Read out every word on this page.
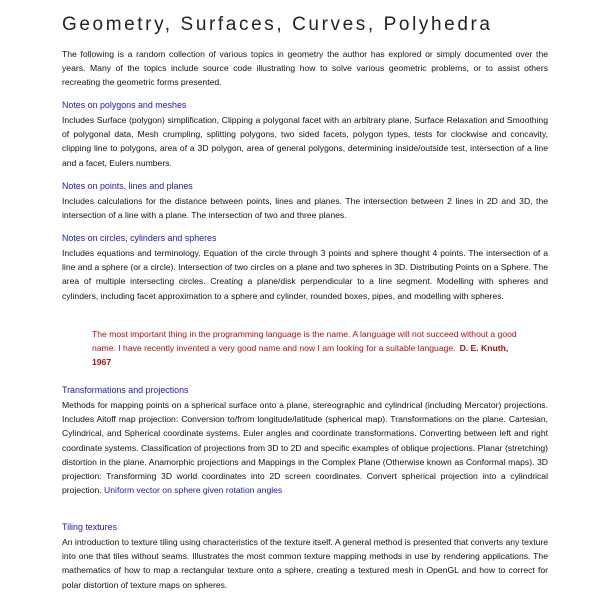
Geometry, Surfaces, Curves, Polyhedra

The following is a random collection of various topics in geometry the author has explored or simply documented over the years. Many of the topics include source code illustrating how to solve various geometric problems, or to assist others recreating the geometric forms presented.

Notes on polygons and meshes

Includes Surface (polygon) simplification, Clipping a polygonal facet with an arbitrary plane, Surface Relaxation and Smoothing of polygonal data, Mesh crumpling, splitting polygons, two sided facets, polygon types, tests for clockwise and concavity, clipping line to polygons, area of a 3D polygon, area of general polygons, determining inside/outside test, intersection of a line and a facet, Eulers numbers.

Notes on points, lines and planes

Includes calculations for the distance between points, lines and planes. The intersection between 2 lines in 2D and 3D, the intersection of a line with a plane. The intersection of two and three planes.

Notes on circles, cylinders and spheres

Includes equations and terminology. Equation of the circle through 3 points and sphere thought 4 points. The intersection of a line and a sphere (or a circle). Intersection of two circles on a plane and two spheres in 3D. Distributing Points on a Sphere. The area of multiple intersecting circles. Creating a plane/disk perpendicular to a line segment. Modelling with spheres and cylinders, including facet approximation to a sphere and cylinder, rounded boxes, pipes, and modelling with spheres.

The most important thing in the programming language is the name. A language will not succeed without a good name. I have recently invented a very good name and now I am looking for a suitable language. D. E. Knuth, 1967
Transformations and projections

Methods for mapping points on a spherical surface onto a plane, stereographic and cylindrical (including Mercator) projections. Includes Aitoff map projection: Conversion to/from longitude/latitude (spherical map). Transformations on the plane. Cartesian, Cylindrical, and Spherical coordinate systems. Euler angles and coordinate transformations. Converting between left and right coordinate systems. Classification of projections from 3D to 2D and specific examples of oblique projections. Planar (stretching) distortion in the plane. Anamorphic projections and Mappings in the Complex Plane (Otherwise known as Conformal maps). 3D projection: Transforming 3D world coordinates into 2D screen coordinates. Convert spherical projection into a cylindrical projection. Uniform vector on sphere given rotation angles

Tiling textures

An introduction to texture tiling using characteristics of the texture itself. A general method is presented that converts any texture into one that tiles without seams. Illustrates the most common texture mapping methods in use by rendering applications. The mathematics of how to map a rectangular texture onto a sphere, creating a textured mesh in OpenGL and how to correct for polar distortion of texture maps on spheres.
